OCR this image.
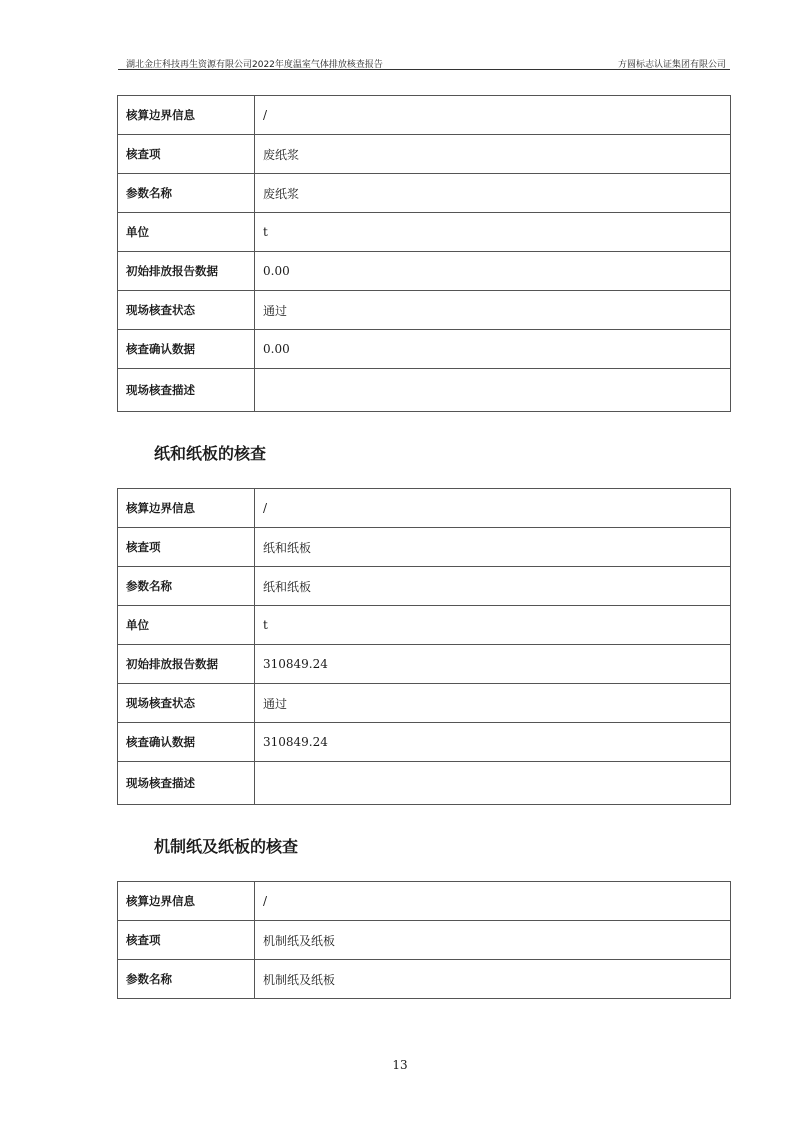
湖北金庄科技再生资源有限公司2022年度温室气体排放核查报告	方圆标志认证集团有限公司
核算边界信息	/
核查项	废纸浆
参数名称	废纸浆
单位	t
初始排放报告数据	0.00
现场核查状态	通过
核查确认数据	0.00
现场核查描述	
纸和纸板的核查
核算边界信息	/
核查项	纸和纸板
参数名称	纸和纸板
单位	t
初始排放报告数据	310849.24
现场核查状态	通过
核查确认数据	310849.24
现场核查描述	
机制纸及纸板的核查
核算边界信息	/
核查项	机制纸及纸板
参数名称	机制纸及纸板
13
